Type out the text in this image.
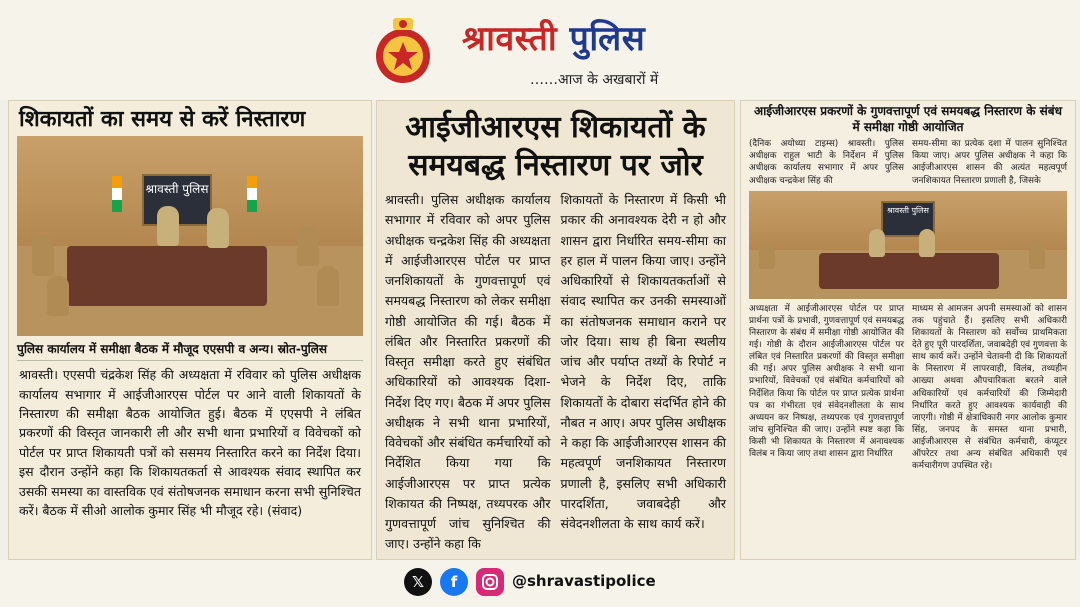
श्रावस्ती पुलिस
……आज के अखबारों में
शिकायतों का समय से करें निस्तारण
श्रावस्ती पुलिस
पुलिस कार्यालय में समीक्षा बैठक में मौजूद एएसपी व अन्य। स्रोत-पुलिस
श्रावस्ती। एएसपी चंद्रकेश सिंह की अध्यक्षता में रविवार को पुलिस अधीक्षक कार्यालय सभागार में आईजीआरएस पोर्टल पर आने वाली शिकायतों के निस्तारण की समीक्षा बैठक आयोजित हुई। बैठक में एएसपी ने लंबित प्रकरणों की विस्तृत जानकारी ली और सभी थाना प्रभारियों व विवेचकों को पोर्टल पर प्राप्त शिकायती पत्रों को ससमय निस्तारित करने का निर्देश दिया। इस दौरान उन्होंने कहा कि शिकायतकर्ता से आवश्यक संवाद स्थापित कर उसकी समस्या का वास्तविक एवं संतोषजनक समाधान करना सभी सुनिश्चित करें। बैठक में सीओ आलोक कुमार सिंह भी मौजूद रहे। (संवाद)
आईजीआरएस शिकायतों के समयबद्ध निस्तारण पर जोर
श्रावस्ती। पुलिस अधीक्षक कार्यालय सभागार में रविवार को अपर पुलिस अधीक्षक चन्द्रकेश सिंह की अध्यक्षता में आईजीआरएस पोर्टल पर प्राप्त जनशिकायतों के गुणवत्तापूर्ण एवं समयबद्ध निस्तारण को लेकर समीक्षा गोष्ठी आयोजित की गई। बैठक में लंबित और निस्तारित प्रकरणों की विस्तृत समीक्षा करते हुए संबंधित अधिकारियों को आवश्यक दिशा-निर्देश दिए गए। बैठक में अपर पुलिस अधीक्षक ने सभी थाना प्रभारियों, विवेचकों और संबंधित कर्मचारियों को निर्देशित किया गया कि आईजीआरएस पर प्राप्त प्रत्येक शिकायत की निष्पक्ष, तथ्यपरक और गुणवत्तापूर्ण जांच सुनिश्चित की जाए। उन्होंने कहा कि
शिकायतों के निस्तारण में किसी भी प्रकार की अनावश्यक देरी न हो और शासन द्वारा निर्धारित समय-सीमा का हर हाल में पालन किया जाए। उन्होंने अधिकारियों से शिकायतकर्ताओं से संवाद स्थापित कर उनकी समस्याओं का संतोषजनक समाधान कराने पर जोर दिया। साथ ही बिना स्थलीय जांच और पर्याप्त तथ्यों के रिपोर्ट न भेजने के निर्देश दिए, ताकि शिकायतों के दोबारा संदर्भित होने की नौबत न आए। अपर पुलिस अधीक्षक ने कहा कि आईजीआरएस शासन की महत्वपूर्ण जनशिकायत निस्तारण प्रणाली है, इसलिए सभी अधिकारी पारदर्शिता, जवाबदेही और संवेदनशीलता के साथ कार्य करें।
आईजीआरएस प्रकरणों के गुणवत्तापूर्ण एवं समयबद्ध निस्तारण के संबंध में समीक्षा गोष्ठी आयोजित
(दैनिक अयोध्या टाइम्स) श्रावस्ती। पुलिस अधीक्षक राहुल भाटी के निर्देशन में पुलिस अधीक्षक कार्यालय सभागार में अपर पुलिस अधीक्षक चन्द्रकेश सिंह की
समय-सीमा का प्रत्येक दशा में पालन सुनिश्चित किया जाए। अपर पुलिस अधीक्षक ने कहा कि आईजीआरएस शासन की अत्यंत महत्वपूर्ण जनशिकायत निस्तारण प्रणाली है, जिसके
श्रावस्ती पुलिस
अध्यक्षता में आईजीआरएस पोर्टल पर प्राप्त प्रार्थना पत्रों के प्रभावी, गुणवत्तापूर्ण एवं समयबद्ध निस्तारण के संबंध में समीक्षा गोष्ठी आयोजित की गई। गोष्ठी के दौरान आईजीआरएस पोर्टल पर लंबित एवं निस्तारित प्रकरणों की विस्तृत समीक्षा की गई। अपर पुलिस अधीक्षक ने सभी थाना प्रभारियों, विवेचकों एवं संबंधित कर्मचारियों को निर्देशित किया कि पोर्टल पर प्राप्त प्रत्येक प्रार्थना पत्र का गंभीरता एवं संवेदनशीलता के साथ अध्ययन कर निष्पक्ष, तथ्यपरक एवं गुणवत्तापूर्ण जांच सुनिश्चित की जाए। उन्होंने स्पष्ट कहा कि किसी भी शिकायत के निस्तारण में अनावश्यक विलंब न किया जाए तथा शासन द्वारा निर्धारित
माध्यम से आमजन अपनी समस्याओं को शासन तक पहुंचाते हैं। इसलिए सभी अधिकारी शिकायतों के निस्तारण को सर्वोच्च प्राथमिकता देते हुए पूरी पारदर्शिता, जवाबदेही एवं गुणवत्ता के साथ कार्य करें। उन्होंने चेतावनी दी कि शिकायतों के निस्तारण में लापरवाही, विलंब, तथ्यहीन आख्या अथवा औपचारिकता बरतने वाले अधिकारियों एवं कर्मचारियों की जिम्मेदारी निर्धारित करते हुए आवश्यक कार्यवाही की जाएगी। गोष्ठी में क्षेत्राधिकारी नगर आलोक कुमार सिंह, जनपद के समस्त थाना प्रभारी, आईजीआरएस से संबंधित कर्मचारी, कंप्यूटर ऑपरेटर तथा अन्य संबंधित अधिकारी एवं कर्मचारीगण उपस्थित रहे।
𝕏	f	@shravastipolice
